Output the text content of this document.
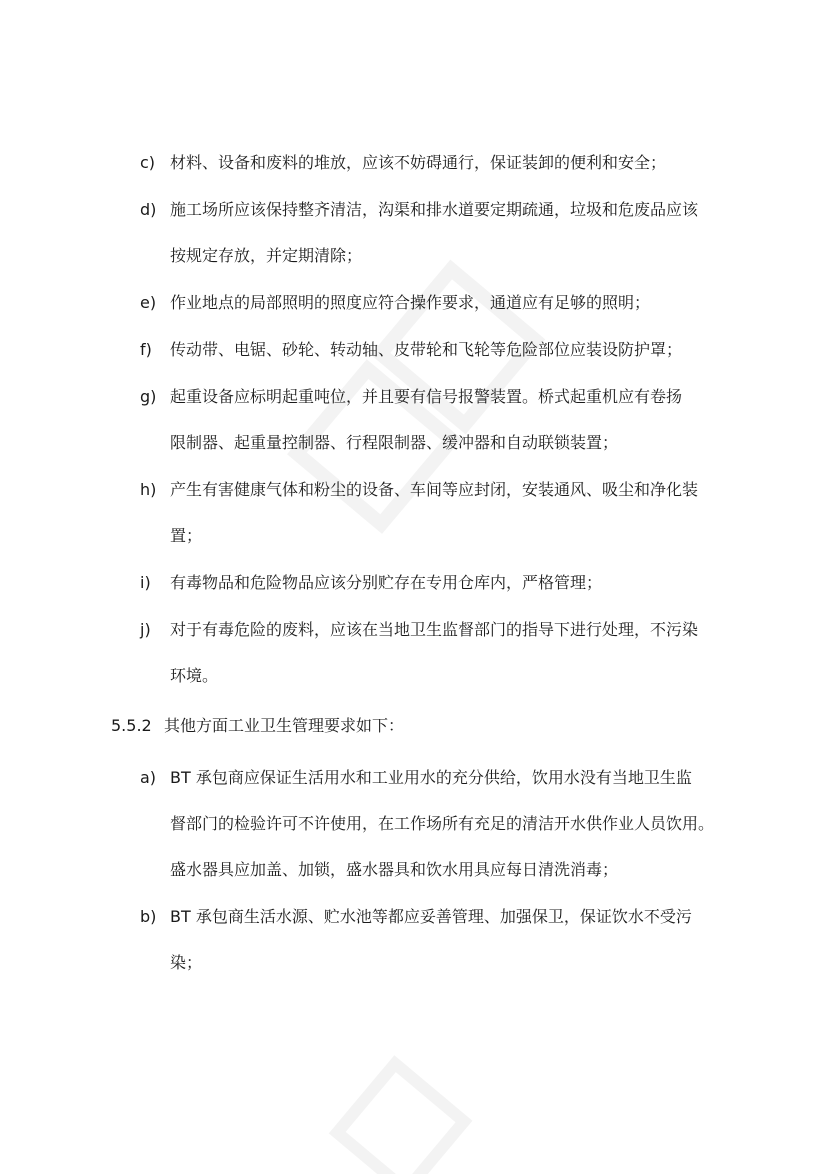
c) 材料、设备和废料的堆放，应该不妨碍通行，保证装卸的便利和安全；
d) 施工场所应该保持整齐清洁，沟渠和排水道要定期疏通，垃圾和危废品应该
按规定存放，并定期清除；
e) 作业地点的局部照明的照度应符合操作要求，通道应有足够的照明；
f)	传动带、电锯、砂轮、转动轴、皮带轮和飞轮等危险部位应装设防护罩；
g) 起重设备应标明起重吨位，并且要有信号报警装置。桥式起重机应有卷扬
限制器、起重量控制器、行程限制器、缓冲器和自动联锁装置；
h) 产生有害健康气体和粉尘的设备、车间等应封闭，安装通风、吸尘和净化装
置；
i)	有毒物品和危险物品应该分别贮存在专用仓库内，严格管理；
j)	对于有毒危险的废料，应该在当地卫生监督部门的指导下进行处理，不污染
环境。
5.5.2 其他方面工业卫生管理要求如下：
a) BT 承包商应保证生活用水和工业用水的充分供给，饮用水没有当地卫生监
督部门的检验许可不许使用，在工作场所有充足的清洁开水供作业人员饮用。
盛水器具应加盖、加锁，盛水器具和饮水用具应每日清洗消毒；
b) BT 承包商生活水源、贮水池等都应妥善管理、加强保卫，保证饮水不受污
染；
